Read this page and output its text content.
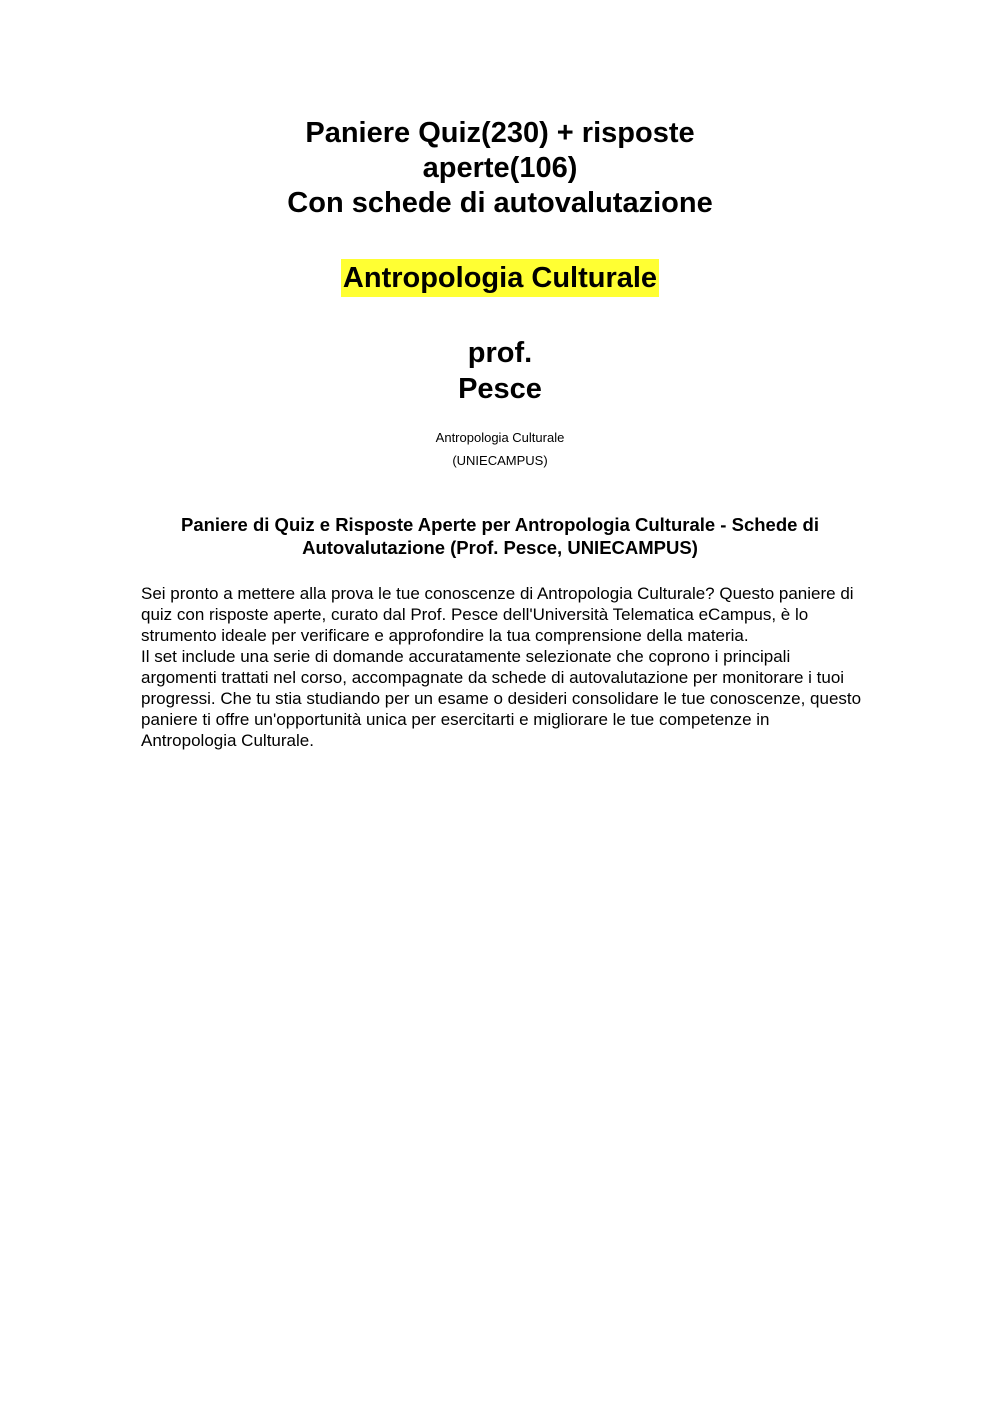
Paniere Quiz(230) + risposte
aperte(106)
Con schede di autovalutazione
Antropologia Culturale
prof.
Pesce
Antropologia Culturale
(UNIECAMPUS)
Paniere di Quiz e Risposte Aperte per Antropologia Culturale - Schede di Autovalutazione (Prof. Pesce, UNIECAMPUS)

Sei pronto a mettere alla prova le tue conoscenze di Antropologia Culturale? Questo paniere di quiz con risposte aperte, curato dal Prof. Pesce dell'Università Telematica eCampus, è lo strumento ideale per verificare e approfondire la tua comprensione della materia.

Il set include una serie di domande accuratamente selezionate che coprono i principali argomenti trattati nel corso, accompagnate da schede di autovalutazione per monitorare i tuoi progressi. Che tu stia studiando per un esame o desideri consolidare le tue conoscenze, questo paniere ti offre un'opportunità unica per esercitarti e migliorare le tue competenze in Antropologia Culturale.
